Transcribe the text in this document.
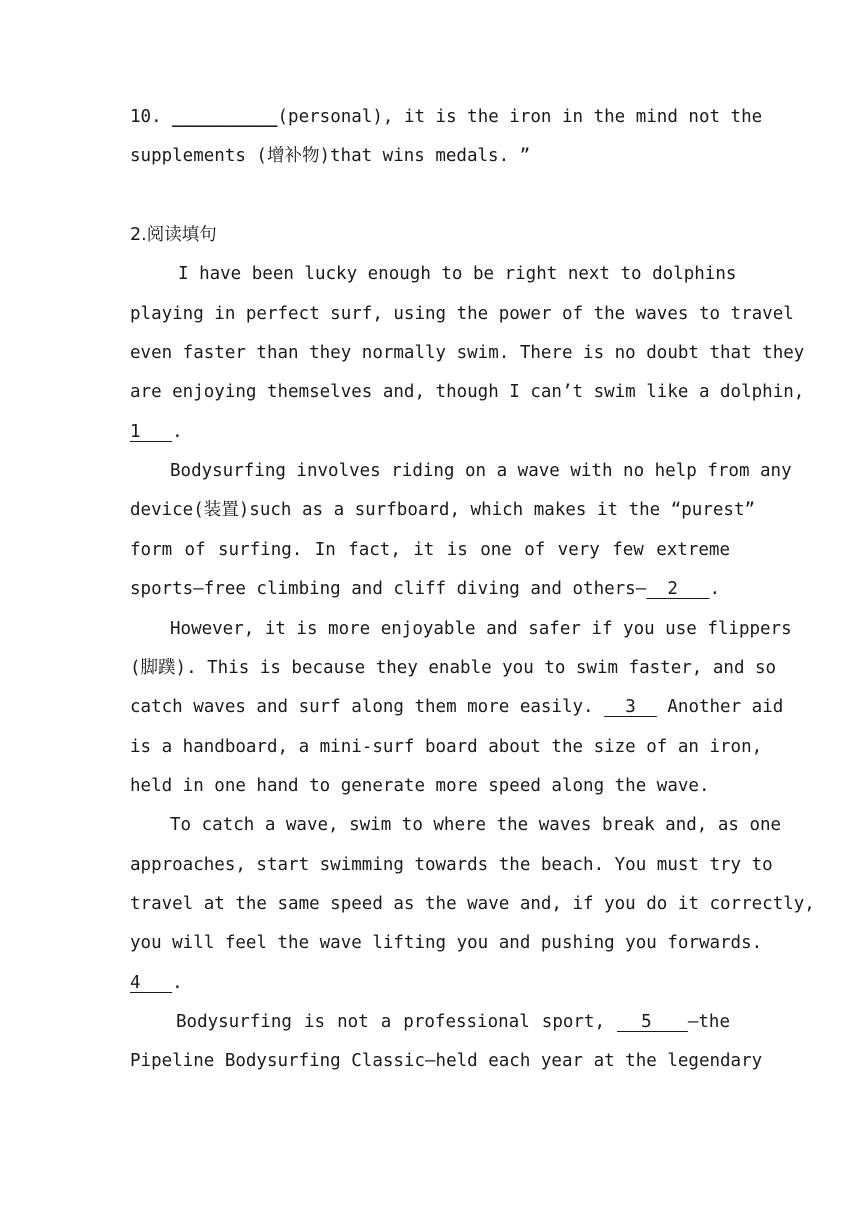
10. __________(personal), it is the iron in the mind not the
supplements (增补物)that wins medals. ”
2.阅读填句
I have been lucky enough to be right next to dolphins
playing in perfect surf, using the power of the waves to travel
even faster than they normally swim. There is no doubt that they
are enjoying themselves and, though I can’t swim like a dolphin,
1   .
Bodysurfing involves riding on a wave with no help from any
device(装置)such as a surfboard, which makes it the “purest”
form of surfing. In fact, it is one of very few extreme
sports—free climbing and cliff diving and others—  2   .
However, it is more enjoyable and safer if you use flippers
(脚蹼). This is because they enable you to swim faster, and so
catch waves and surf along them more easily.   3   Another aid
is a handboard, a mini-surf board about the size of an iron,
held in one hand to generate more speed along the wave.
To catch a wave, swim to where the waves break and, as one
approaches, start swimming towards the beach. You must try to
travel at the same speed as the wave and, if you do it correctly,
you will feel the wave lifting you and pushing you forwards.
4   .
Bodysurfing is not a professional sport,   5   —the
Pipeline Bodysurfing Classic—held each year at the legendary
